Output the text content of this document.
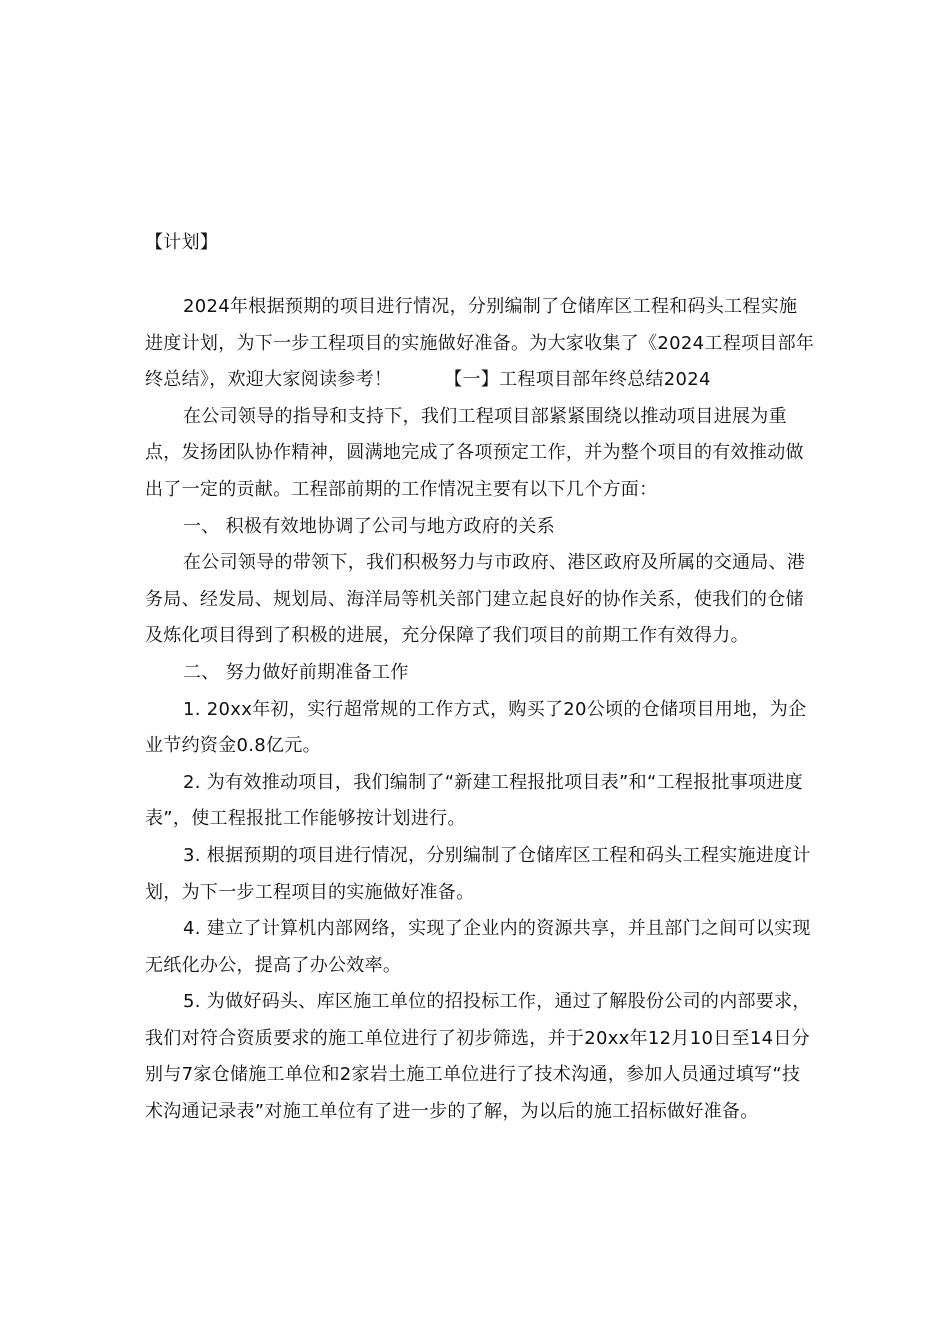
【计划】

2024年根据预期的项目进行情况，分别编制了仓储库区工程和码头工程实施进度计划，为下一步工程项目的实施做好准备。为大家收集了《2024工程项目部年终总结》，欢迎大家阅读参考！	【一】工程项目部年终总结2024

在公司领导的指导和支持下，我们工程项目部紧紧围绕以推动项目进展为重点，发扬团队协作精神，圆满地完成了各项预定工作，并为整个项目的有效推动做出了一定的贡献。工程部前期的工作情况主要有以下几个方面：

一、 积极有效地协调了公司与地方政府的关系

在公司领导的带领下，我们积极努力与市政府、港区政府及所属的交通局、港务局、经发局、规划局、海洋局等机关部门建立起良好的协作关系，使我们的仓储及炼化项目得到了积极的进展，充分保障了我们项目的前期工作有效得力。

二、 努力做好前期准备工作

1. 20xx年初，实行超常规的工作方式，购买了20公顷的仓储项目用地，为企业节约资金0.8亿元。

2. 为有效推动项目，我们编制了“新建工程报批项目表”和“工程报批事项进度表”，使工程报批工作能够按计划进行。

3. 根据预期的项目进行情况，分别编制了仓储库区工程和码头工程实施进度计划，为下一步工程项目的实施做好准备。

4. 建立了计算机内部网络，实现了企业内的资源共享，并且部门之间可以实现无纸化办公，提高了办公效率。

5. 为做好码头、库区施工单位的招投标工作，通过了解股份公司的内部要求，我们对符合资质要求的施工单位进行了初步筛选，并于20xx年12月10日至14日分别与7家仓储施工单位和2家岩土施工单位进行了技术沟通，参加人员通过填写“技术沟通记录表”对施工单位有了进一步的了解，为以后的施工招标做好准备。
